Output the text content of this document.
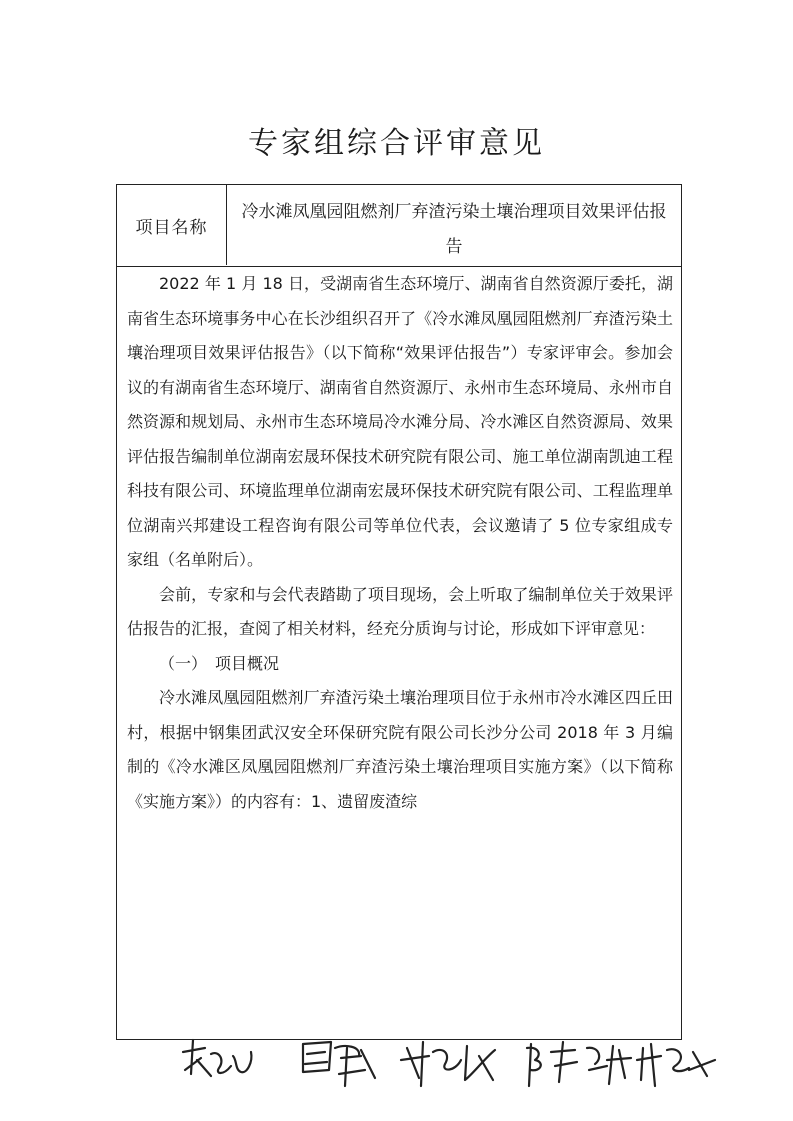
专家组综合评审意见
项目名称
冷水滩凤凰园阻燃剂厂弃渣污染土壤治理项目效果评估报告

2022 年 1 月 18 日，受湖南省生态环境厅、湖南省自然资源厅委托，湖南省生态环境事务中心在长沙组织召开了《冷水滩凤凰园阻燃剂厂弃渣污染土壤治理项目效果评估报告》（以下简称“效果评估报告”）专家评审会。参加会议的有湖南省生态环境厅、湖南省自然资源厅、永州市生态环境局、永州市自然资源和规划局、永州市生态环境局冷水滩分局、冷水滩区自然资源局、效果评估报告编制单位湖南宏晟环保技术研究院有限公司、施工单位湖南凯迪工程科技有限公司、环境监理单位湖南宏晟环保技术研究院有限公司、工程监理单位湖南兴邦建设工程咨询有限公司等单位代表，会议邀请了 5 位专家组成专家组（名单附后）。

会前，专家和与会代表踏勘了项目现场，会上听取了编制单位关于效果评估报告的汇报，查阅了相关材料，经充分质询与讨论，形成如下评审意见：

（一）　项目概况

冷水滩凤凰园阻燃剂厂弃渣污染土壤治理项目位于永州市冷水滩区四丘田村，根据中钢集团武汉安全环保研究院有限公司长沙分公司 2018 年 3 月编制的《冷水滩区凤凰园阻燃剂厂弃渣污染土壤治理项目实施方案》（以下简称《实施方案》）的内容有：1、遗留废渣综
